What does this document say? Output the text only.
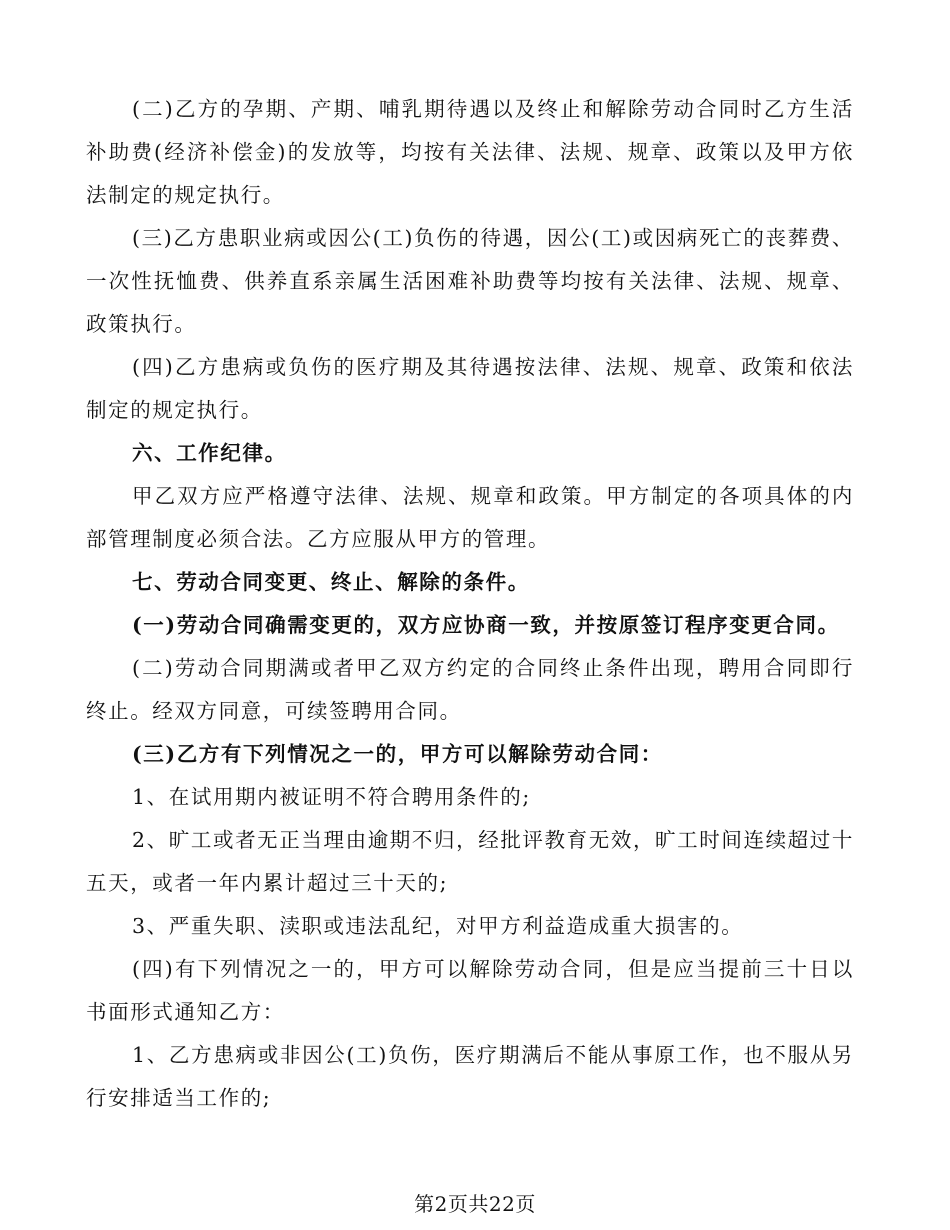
(二)乙方的孕期、产期、哺乳期待遇以及终止和解除劳动合同时乙方生活补助费(经济补偿金)的发放等，均按有关法律、法规、规章、政策以及甲方依法制定的规定执行。

(三)乙方患职业病或因公(工)负伤的待遇，因公(工)或因病死亡的丧葬费、一次性抚恤费、供养直系亲属生活困难补助费等均按有关法律、法规、规章、政策执行。

(四)乙方患病或负伤的医疗期及其待遇按法律、法规、规章、政策和依法制定的规定执行。

六、工作纪律。

甲乙双方应严格遵守法律、法规、规章和政策。甲方制定的各项具体的内部管理制度必须合法。乙方应服从甲方的管理。

七、劳动合同变更、终止、解除的条件。

(一)劳动合同确需变更的，双方应协商一致，并按原签订程序变更合同。

(二)劳动合同期满或者甲乙双方约定的合同终止条件出现，聘用合同即行终止。经双方同意，可续签聘用合同。

(三)乙方有下列情况之一的，甲方可以解除劳动合同：

1、在试用期内被证明不符合聘用条件的;

2、旷工或者无正当理由逾期不归，经批评教育无效，旷工时间连续超过十五天，或者一年内累计超过三十天的;

3、严重失职、渎职或违法乱纪，对甲方利益造成重大损害的。

(四)有下列情况之一的，甲方可以解除劳动合同，但是应当提前三十日以书面形式通知乙方：

1、乙方患病或非因公(工)负伤，医疗期满后不能从事原工作，也不服从另行安排适当工作的;

第2页共22页
